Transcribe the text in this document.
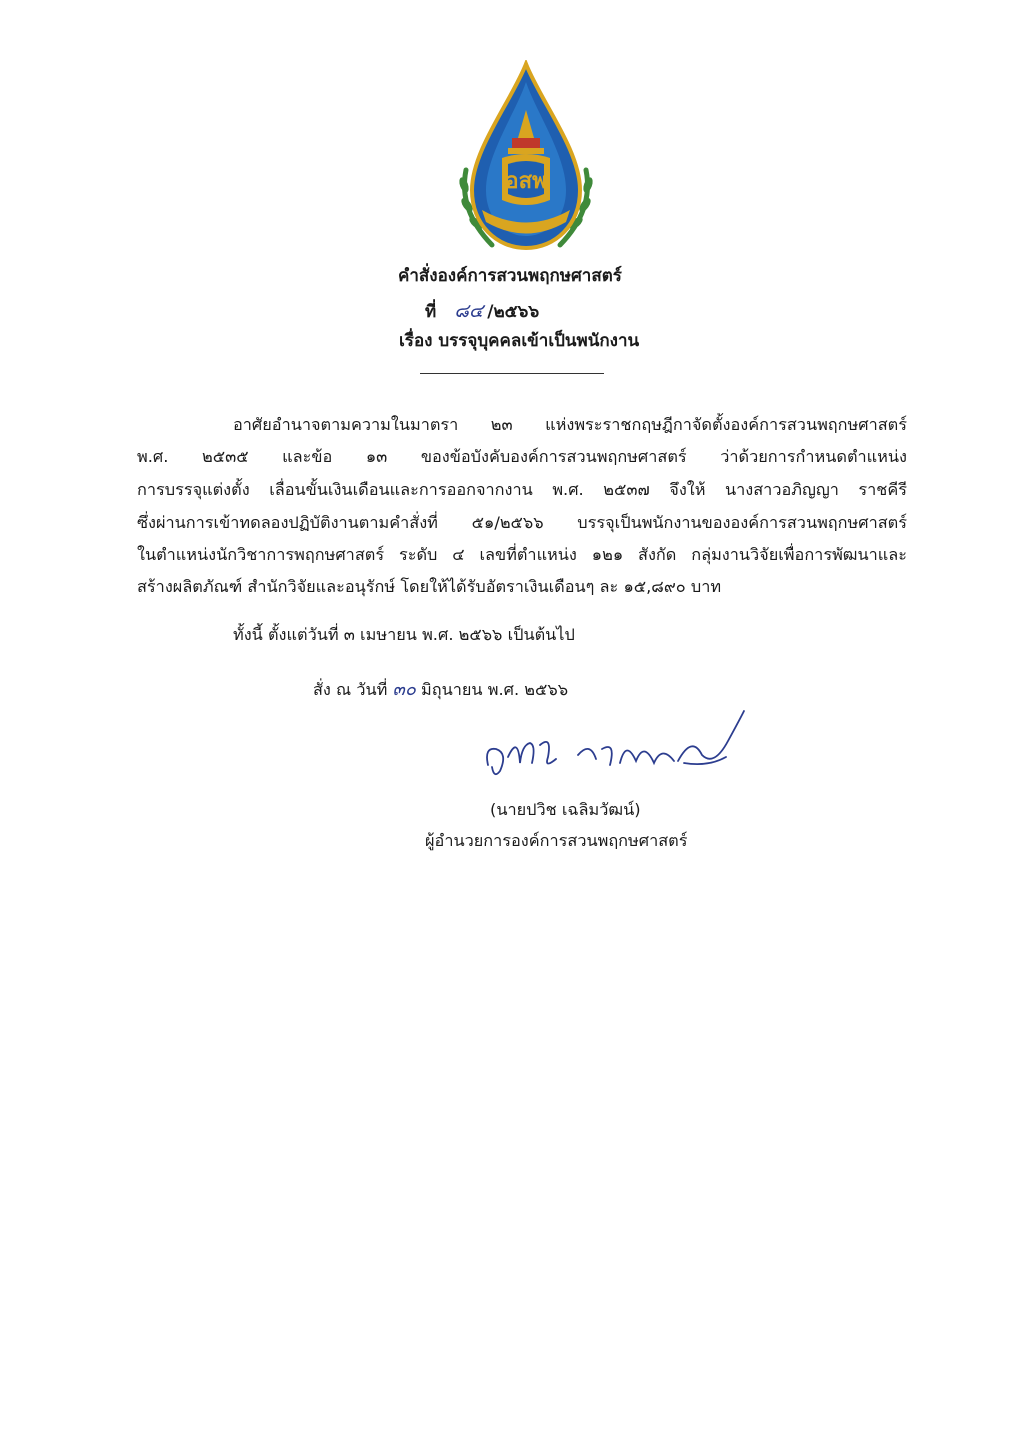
อสพ
คำสั่งองค์การสวนพฤกษศาสตร์
ที่ ๘๔ /๒๕๖๖
เรื่อง บรรจุบุคคลเข้าเป็นพนักงาน
อาศัยอำนาจตามความในมาตรา ๒๓ แห่งพระราชกฤษฎีกาจัดตั้งองค์การสวนพฤกษศาสตร์
พ.ศ. ๒๕๓๕ และข้อ ๑๓ ของข้อบังคับองค์การสวนพฤกษศาสตร์ ว่าด้วยการกำหนดตำแหน่ง
การบรรจุแต่งตั้ง เลื่อนขั้นเงินเดือนและการออกจากงาน พ.ศ. ๒๕๓๗ จึงให้ นางสาวอภิญญา ราชคีรี
ซึ่งผ่านการเข้าทดลองปฏิบัติงานตามคำสั่งที่ ๕๑/๒๕๖๖ บรรจุเป็นพนักงานขององค์การสวนพฤกษศาสตร์
ในตำแหน่งนักวิชาการพฤกษศาสตร์ ระดับ ๔ เลขที่ตำแหน่ง ๑๒๑ สังกัด กลุ่มงานวิจัยเพื่อการพัฒนาและ
สร้างผลิตภัณฑ์ สำนักวิจัยและอนุรักษ์ โดยให้ได้รับอัตราเงินเดือนๆ ละ ๑๕,๘๙๐ บาท
ทั้งนี้ ตั้งแต่วันที่ ๓ เมษายน พ.ศ. ๒๕๖๖ เป็นต้นไป
สั่ง ณ วันที่ ๓๐ มิถุนายน พ.ศ. ๒๕๖๖
(นายปวิช เฉลิมวัฒน์)
ผู้อำนวยการองค์การสวนพฤกษศาสตร์
